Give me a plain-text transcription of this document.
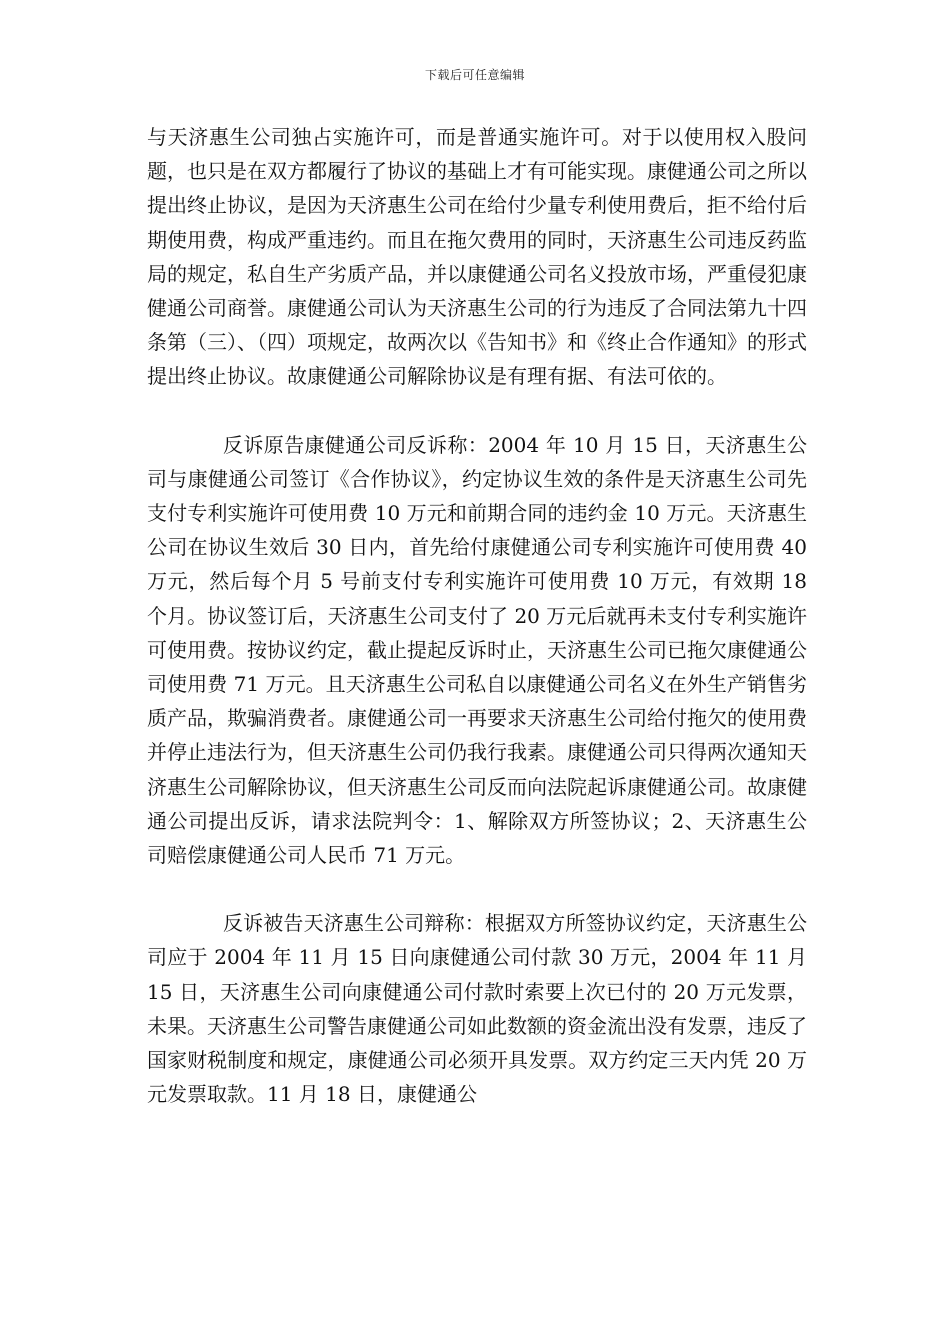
下载后可任意编辑

与天济惠生公司独占实施许可，而是普通实施许可。对于以使用权入股问题，也只是在双方都履行了协议的基础上才有可能实现。康健通公司之所以提出终止协议，是因为天济惠生公司在给付少量专利使用费后，拒不给付后期使用费，构成严重违约。而且在拖欠费用的同时，天济惠生公司违反药监局的规定，私自生产劣质产品，并以康健通公司名义投放市场，严重侵犯康健通公司商誉。康健通公司认为天济惠生公司的行为违反了合同法第九十四条第（三）、（四）项规定，故两次以《告知书》和《终止合作通知》的形式提出终止协议。故康健通公司解除协议是有理有据、有法可依的。

反诉原告康健通公司反诉称：2004 年 10 月 15 日，天济惠生公司与康健通公司签订《合作协议》，约定协议生效的条件是天济惠生公司先支付专利实施许可使用费 10 万元和前期合同的违约金 10 万元。天济惠生公司在协议生效后 30 日内，首先给付康健通公司专利实施许可使用费 40 万元，然后每个月 5 号前支付专利实施许可使用费 10 万元，有效期 18 个月。协议签订后，天济惠生公司支付了 20 万元后就再未支付专利实施许可使用费。按协议约定，截止提起反诉时止，天济惠生公司已拖欠康健通公司使用费 71 万元。且天济惠生公司私自以康健通公司名义在外生产销售劣质产品，欺骗消费者。康健通公司一再要求天济惠生公司给付拖欠的使用费并停止违法行为，但天济惠生公司仍我行我素。康健通公司只得两次通知天济惠生公司解除协议，但天济惠生公司反而向法院起诉康健通公司。故康健通公司提出反诉，请求法院判令：1、解除双方所签协议；2、天济惠生公司赔偿康健通公司人民币 71 万元。

反诉被告天济惠生公司辩称：根据双方所签协议约定，天济惠生公司应于 2004 年 11 月 15 日向康健通公司付款 30 万元，2004 年 11 月 15 日，天济惠生公司向康健通公司付款时索要上次已付的 20 万元发票，未果。天济惠生公司警告康健通公司如此数额的资金流出没有发票，违反了国家财税制度和规定，康健通公司必须开具发票。双方约定三天内凭 20 万元发票取款。11 月 18 日，康健通公
